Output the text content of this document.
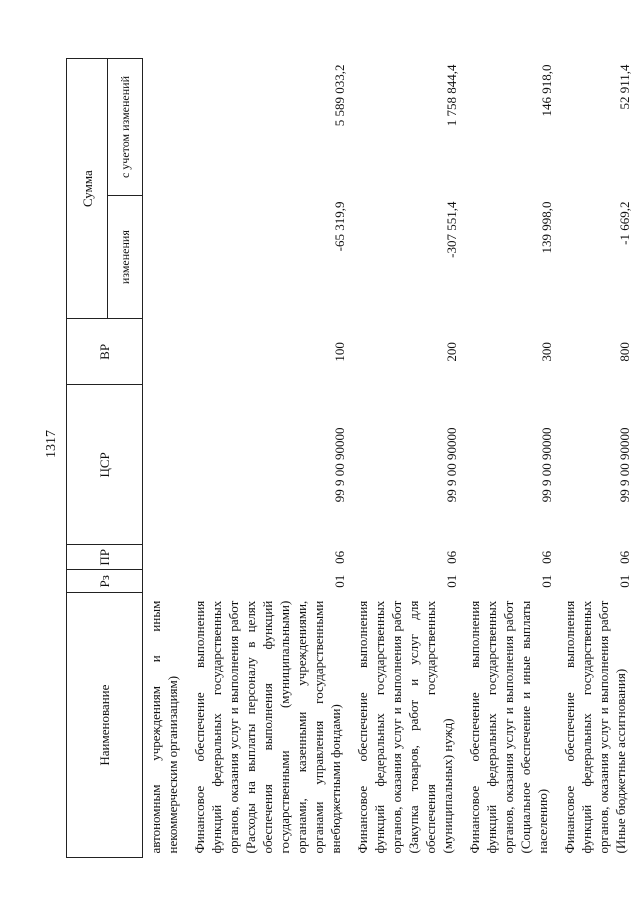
1317
Наименование	Рз	ПР	ЦСР	ВР	Сумма	
					изменения	с учетом изменений
автономным учреждениям и иным некоммерческим организациям)						
Финансовое обеспечение выполнения функций федеральных государственных органов, оказания услуг и выполнения работ (Расходы на выплаты персоналу в целях обеспечения выполнения функций государственными (муниципальными) органами, казенными учреждениями, органами управления государственными внебюджетными фондами)	01	06	99 9 00 90000	100	-65 319,9	5 589 033,2
Финансовое обеспечение выполнения функций федеральных государственных органов, оказания услуг и выполнения работ (Закупка товаров, работ и услуг для обеспечения государственных (муниципальных) нужд)	01	06	99 9 00 90000	200	-307 551,4	1 758 844,4
Финансовое обеспечение выполнения функций федеральных государственных органов, оказания услуг и выполнения работ (Социальное обеспечение и иные выплаты населению)	01	06	99 9 00 90000	300	139 998,0	146 918,0
Финансовое обеспечение выполнения функций федеральных государственных органов, оказания услуг и выполнения работ (Иные бюджетные ассигнования)	01	06	99 9 00 90000	800	-1 669,2	52 911,4
